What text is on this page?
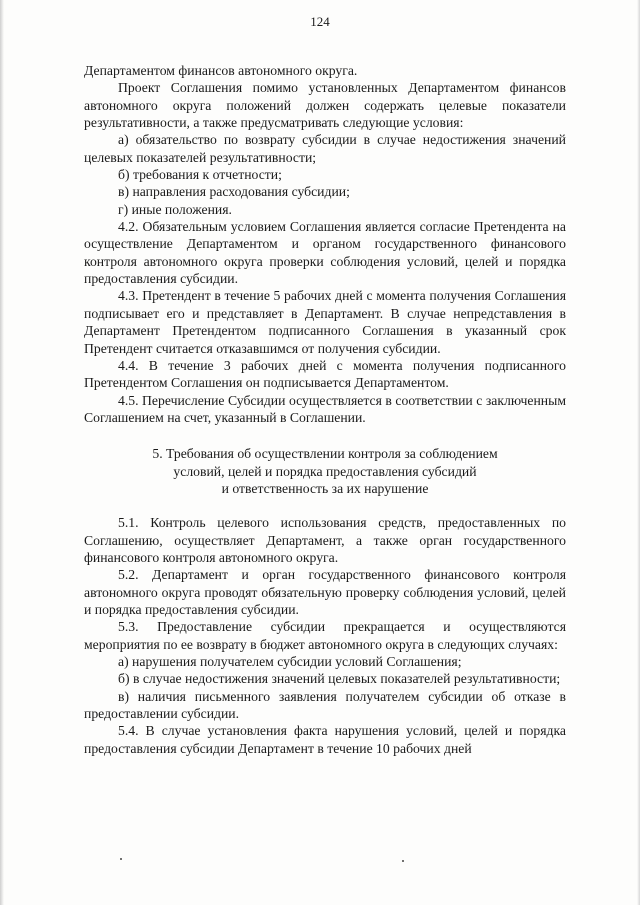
124

Департаментом финансов автономного округа.

Проект Соглашения помимо установленных Департаментом финансов автономного округа положений должен содержать целевые показатели результативности, а также предусматривать следующие условия:

а) обязательство по возврату субсидии в случае недостижения значений целевых показателей результативности;

б) требования к отчетности;

в) направления расходования субсидии;

г) иные положения.

4.2. Обязательным условием Соглашения является согласие Претендента на осуществление Департаментом и органом государственного финансового контроля автономного округа проверки соблюдения условий, целей и порядка предоставления субсидии.

4.3. Претендент в течение 5 рабочих дней с момента получения Соглашения подписывает его и представляет в Департамент. В случае непредставления в Департамент Претендентом подписанного Соглашения в указанный срок Претендент считается отказавшимся от получения субсидии.

4.4. В течение 3 рабочих дней с момента получения подписанного Претендентом Соглашения он подписывается Департаментом.

4.5. Перечисление Субсидии осуществляется в соответствии с заключенным Соглашением на счет, указанный в Соглашении.

5. Требования об осуществлении контроля за соблюдением
условий, целей и порядка предоставления субсидий
и ответственность за их нарушение

5.1. Контроль целевого использования средств, предоставленных по Соглашению, осуществляет Департамент, а также орган государственного финансового контроля автономного округа.

5.2. Департамент и орган государственного финансового контроля автономного округа проводят обязательную проверку соблюдения условий, целей и порядка предоставления субсидии.

5.3. Предоставление субсидии прекращается и осуществляются мероприятия по ее возврату в бюджет автономного округа в следующих случаях:

а) нарушения получателем субсидии условий Соглашения;

б) в случае недостижения значений целевых показателей результативности;

в) наличия письменного заявления получателем субсидии об отказе в предоставлении субсидии.

5.4. В случае установления факта нарушения условий, целей и порядка предоставления субсидии Департамент в течение 10 рабочих дней
